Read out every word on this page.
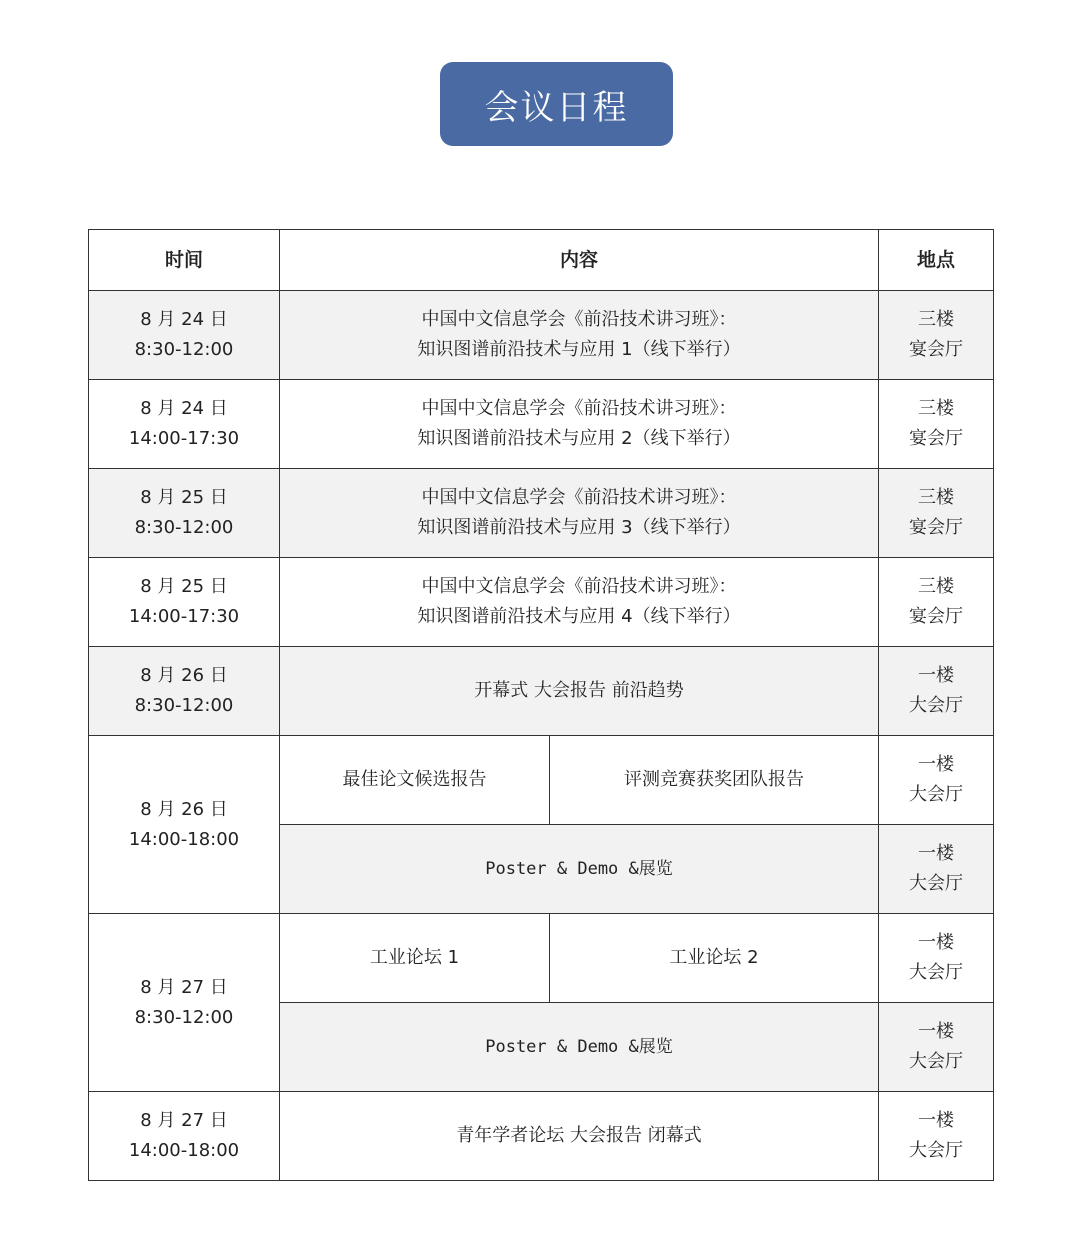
会议日程
时间	内容		地点

8 月 24 日
8:30-12:00	中国中文信息学会《前沿技术讲习班》：
知识图谱前沿技术与应用 1（线下举行）		三楼
宴会厅

8 月 24 日
14:00-17:30	中国中文信息学会《前沿技术讲习班》：
知识图谱前沿技术与应用 2（线下举行）		三楼
宴会厅

8 月 25 日
8:30-12:00	中国中文信息学会《前沿技术讲习班》：
知识图谱前沿技术与应用 3（线下举行）		三楼
宴会厅

8 月 25 日
14:00-17:30	中国中文信息学会《前沿技术讲习班》：
知识图谱前沿技术与应用 4（线下举行）		三楼
宴会厅

8 月 26 日
8:30-12:00	开幕式 大会报告 前沿趋势		一楼
大会厅

8 月 26 日
14:00-18:00	最佳论文候选报告	评测竞赛获奖团队报告	一楼
大会厅

	Poster & Demo &展览		一楼
大会厅

8 月 27 日
8:30-12:00	工业论坛 1	工业论坛 2	一楼
大会厅

	Poster & Demo &展览		一楼
大会厅

8 月 27 日
14:00-18:00	青年学者论坛 大会报告 闭幕式		一楼
大会厅
